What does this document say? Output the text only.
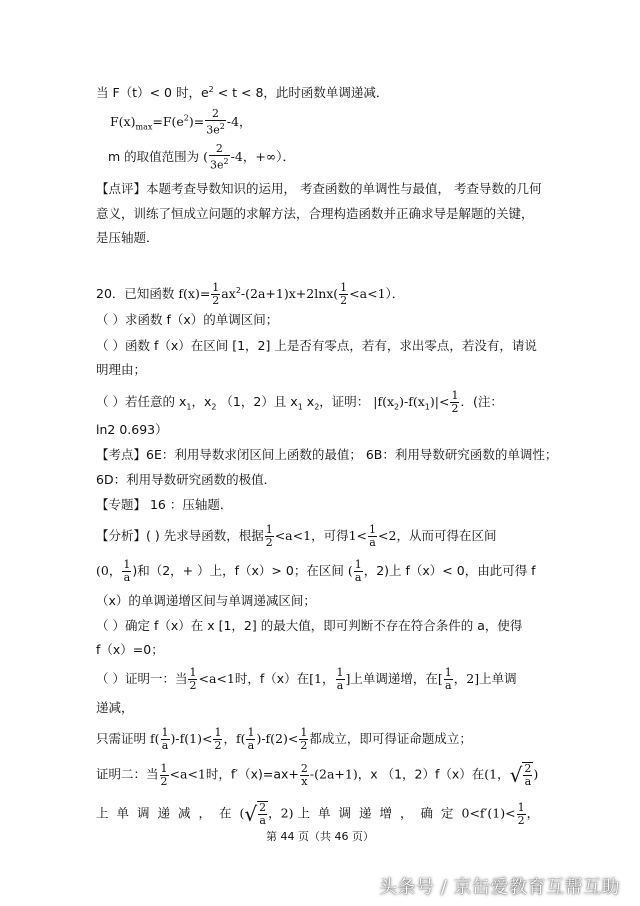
当 F（t）< 0 时，$e^2 < t < 8$，此时函数单调递减．
$F(x)_{max}=F(e^2)= \frac{2}{3e^2} -4$，
m 的取值范围为 ( $\frac{2}{3e^2} -4$，+∞）．
【点评】本题考查导数知识的运用， 考查函数的单调性与最值， 考查导数的几何
意义，训练了恒成立问题的求解方法，合理构造函数并正确求导是解题的关键，
是压轴题．
20．已知函数 $f(x)= \frac{1}{2} ax^2-(2a+1)x+2\ln x( \frac{1}{2} <a<1)$．
（ ）求函数 f（x）的单调区间；
（ ）函数 f（x）在区间 [1，2] 上是否有零点，若有，求出零点，若没有，请说
明理由；
（ ）若任意的 $x_1$，$x_2$ （1，2）且 $x_1$ $x_2$，证明： $|f(x_2)-f(x_1)|< \frac{1}{2}$ ．(注：
ln2 0.693）
【考点】6E：利用导数求闭区间上函数的最值； 6B：利用导数研究函数的单调性；
6D：利用导数研究函数的极值．
【专题】 16 ：压轴题．
【分析】( ) 先求导函数，根据 $\frac{1}{2} <a<1$，可得$1< \frac{1}{a} <2$，从而可得在区间
(0， $\frac{1}{a}$ )和（2，+ ）上，f（x）> 0；在区间 ( $\frac{1}{a}$ ，2)上 f（x）< 0，由此可得 f
（x）的单调递增区间与单调递减区间；
（ ）确定 f（x）在 x [1，2] 的最大值，即可判断不存在符合条件的 a，使得
f（x）=0；
（ ）证明一：当 $\frac{1}{2} <a<1$时，f（x）在[1， $\frac{1}{a}$ ]上单调递增，在[ $\frac{1}{a}$ ，2]上单调
递减，
只需证明 $f( \frac{1}{a} )-f(1)< \frac{1}{2}$ ，$f( \frac{1}{a} )-f(2)< \frac{1}{2}$ 都成立，即可得证命题成立；
证明二：当 $\frac{1}{2} <a<1$时，$f'(x)=ax+ \frac{2}{x} -(2a+1)$，x （1，2）f（x）在(1，√ $\frac{2}{a}$ )
上单调递减，在(√ $\frac{2}{a}$ ，2) 上单调递增，确定$0<f'(1)< \frac{1}{2}$ ，
第 44 页（共 46 页）
头条号 / 京缶爱教育互帮互助
